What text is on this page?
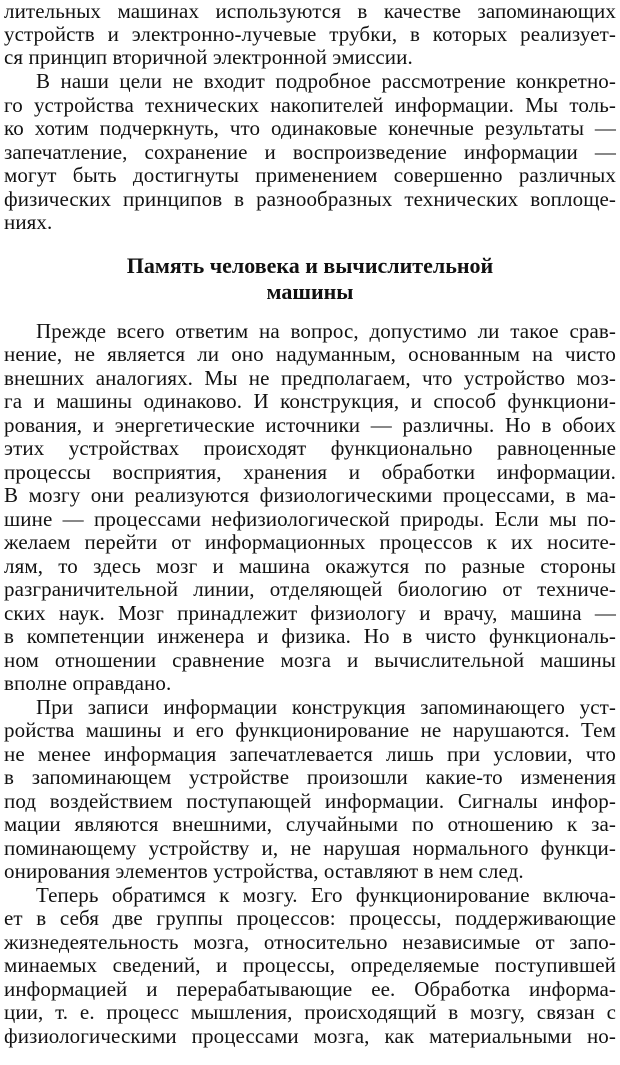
лительных машинах используются в качестве запоминающих
устройств и электронно-лучевые трубки, в которых реализует-
ся принцип вторичной электронной эмиссии.
В наши цели не входит подробное рассмотрение конкретно-
го устройства технических накопителей информации. Мы толь-
ко хотим подчеркнуть, что одинаковые конечные результаты —
запечатление, сохранение и воспроизведение информации —
могут быть достигнуты применением совершенно различных
физических принципов в разнообразных технических воплоще-
ниях.
Память человека и вычислительной
машины
Прежде всего ответим на вопрос, допустимо ли такое срав-
нение, не является ли оно надуманным, основанным на чисто
внешних аналогиях. Мы не предполагаем, что устройство моз-
га и машины одинаково. И конструкция, и способ функциони-
рования, и энергетические источники — различны. Но в обоих
этих устройствах происходят функционально равноценные
процессы восприятия, хранения и обработки информации.
В мозгу они реализуются физиологическими процессами, в ма-
шине — процессами нефизиологической природы. Если мы по-
желаем перейти от информационных процессов к их носите-
лям, то здесь мозг и машина окажутся по разные стороны
разграничительной линии, отделяющей биологию от техниче-
ских наук. Мозг принадлежит физиологу и врачу, машина —
в компетенции инженера и физика. Но в чисто функциональ-
ном отношении сравнение мозга и вычислительной машины
вполне оправдано.
При записи информации конструкция запоминающего уст-
ройства машины и его функционирование не нарушаются. Тем
не менее информация запечатлевается лишь при условии, что
в запоминающем устройстве произошли какие-то изменения
под воздействием поступающей информации. Сигналы инфор-
мации являются внешними, случайными по отношению к за-
поминающему устройству и, не нарушая нормального функци-
онирования элементов устройства, оставляют в нем след.
Теперь обратимся к мозгу. Его функционирование включа-
ет в себя две группы процессов: процессы, поддерживающие
жизнедеятельность мозга, относительно независимые от запо-
минаемых сведений, и процессы, определяемые поступившей
информацией и перерабатывающие ее. Обработка информа-
ции, т. е. процесс мышления, происходящий в мозгу, связан с
физиологическими процессами мозга, как материальными но-
